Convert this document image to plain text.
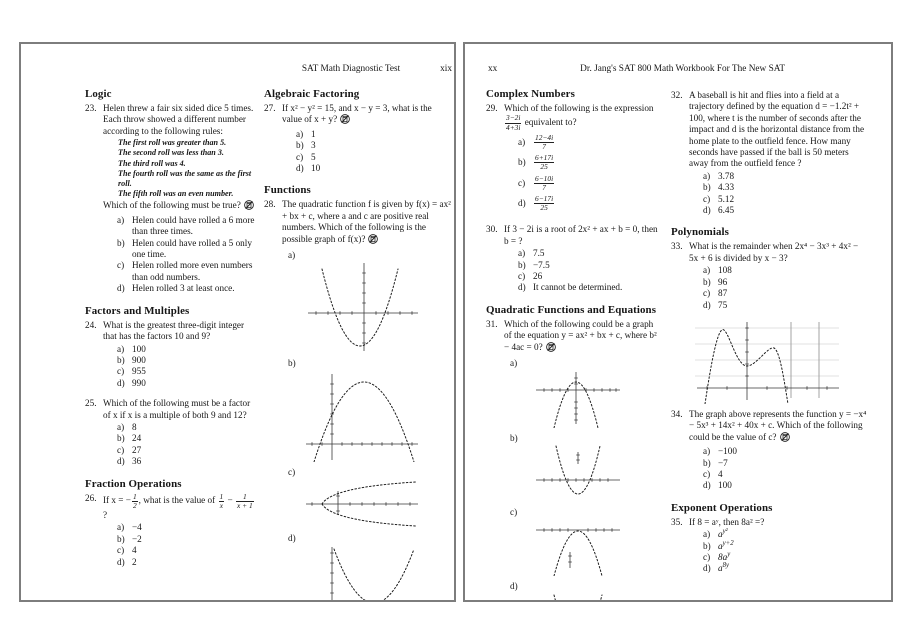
SAT Math Diagnostic Test	xix
Logic
23. Helen threw a fair six sided dice 5 times. Each throw showed a different number according to the following rules:
The first roll was greater than 5.
The second roll was less than 3.
The third roll was 4.
The fourth roll was the same as the first roll.
The fifth roll was an even number.
Which of the following must be true?
a) Helen could have rolled a 6 more than three times.
b) Helen could have rolled a 5 only one time.
c) Helen rolled more even numbers than odd numbers.
d) Helen rolled 3 at least once.
Factors and Multiples
24. What is the greatest three-digit integer that has the factors 10 and 9?
a) 100
b) 900
c) 955
d) 990
25. Which of the following must be a factor of x if x is a multiple of both 9 and 12?
a) 8
b) 24
c) 27
d) 36
Fraction Operations
26. If x = − $\frac{1}{2}$ , what is the value of $\frac{1}{x} - \frac{1}{x + 1}$
?
a) −4
b) −2
c) 4
d) 2
Algebraic Factoring
27. If x² − y² = 15, and x − y = 3, what is the value of x + y?
a) 1
b) 3
c) 5
d) 10
Functions
28. The quadratic function f is given by f(x) = ax² + bx + c, where a and c are positive real numbers. Which of the following is the possible graph of f(x)?
a)
b)
c)
d)
xx	Dr. Jang's SAT 800 Math Workbook For The New SAT
Complex Numbers
29. Which of the following is the expression
$\frac{3-2i}{4+3i}$ equivalent to?
a)	$\frac{12-4i}{7}$
$b) \frac{6+17i}{25}$
c)	$\frac{6-10i}{7}$
$d) \frac{6-17i}{25}$
30. If 3 − 2i is a root of 2x² + ax + b = 0, then b = ?
a) 7.5
b) −7.5
c) 26
d) It cannot be determined.
Quadratic Functions and Equations
31. Which of the following could be a graph of the equation y = ax² + bx + c, where b² − 4ac = 0?
a)
b)
c)
d)
32. A baseball is hit and flies into a field at a trajectory defined by the equation d = −1.2t² + 100, where t is the number of seconds after the impact and d is the horizontal distance from the home plate to the outfield fence. How many seconds have passed if the ball is 50 meters away from the outfield fence ?
a) 3.78
b) 4.33
c) 5.12
d) 6.45
Polynomials
33. What is the remainder when 2x⁴ − 3x³ + 4x² − 5x + 6 is divided by x − 3?
a) 108
b) 96
c) 87
d) 75
34. The graph above represents the function y = −x⁴ − 5x³ + 14x² + 40x + c. Which of the following could be the value of c?
a) −100
b) −7
c) 4
d) 100
Exponent Operations
35. If 8 = aʸ, then 8a² =?
a) $a^{y^2}$
b) $a^{y+2}$
c) $8a^y$
d) $a^{8y}$
